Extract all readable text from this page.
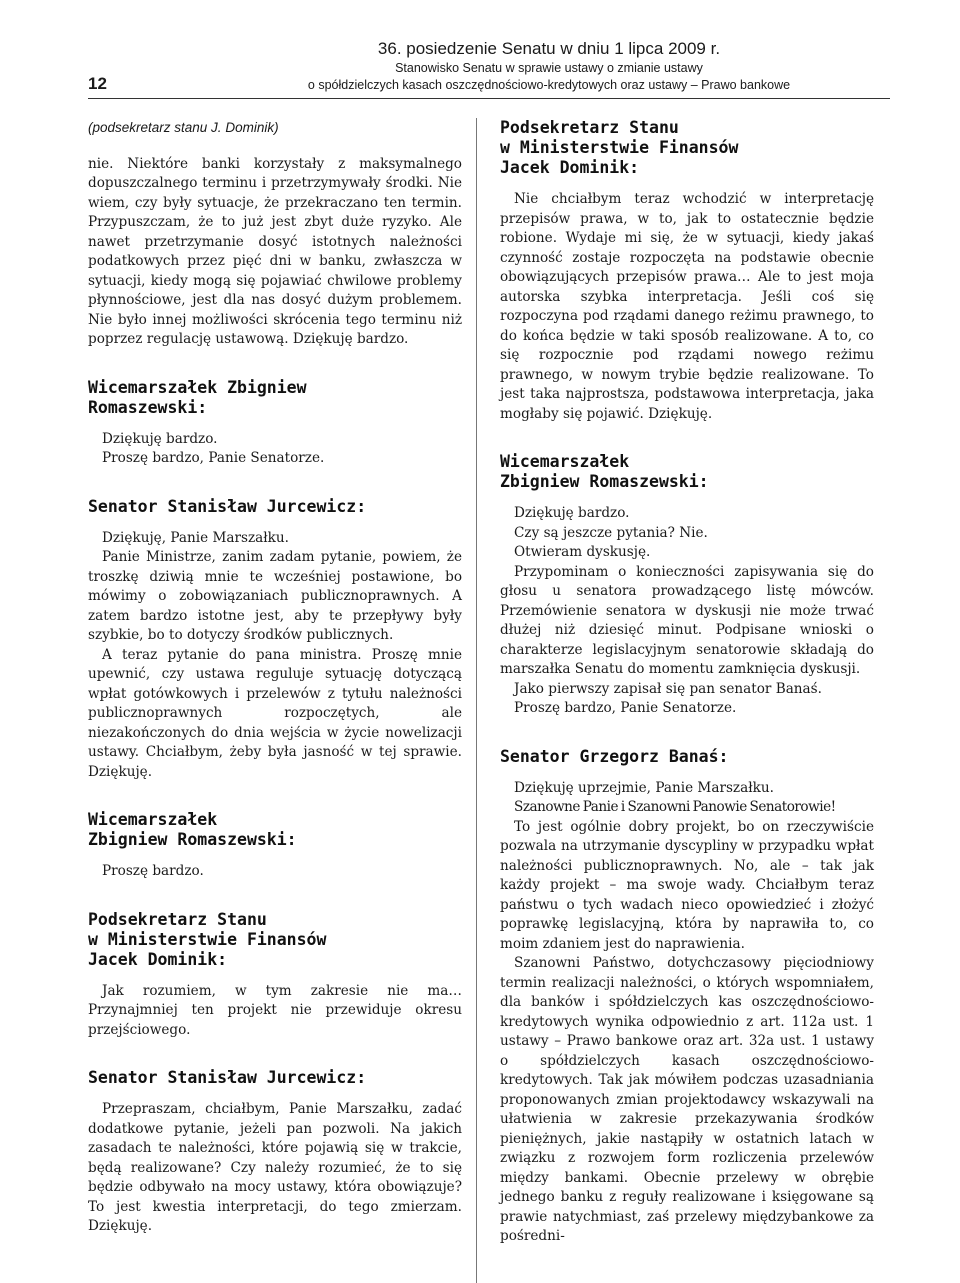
12
36. posiedzenie Senatu w dniu 1 lipca 2009 r.
Stanowisko Senatu w sprawie ustawy o zmianie ustawy
o spółdzielczych kasach oszczędnościowo-kredytowych oraz ustawy – Prawo bankowe

(podsekretarz stanu J. Dominik)

nie. Niektóre banki korzystały z maksymalnego dopuszczalnego terminu i przetrzymywały środki. Nie wiem, czy były sytuacje, że przekraczano ten termin. Przypuszczam, że to już jest zbyt duże ryzyko. Ale nawet przetrzymanie dosyć istotnych należności podatkowych przez pięć dni w banku, zwłaszcza w sytuacji, kiedy mogą się pojawiać chwilowe problemy płynnościowe, jest dla nas dosyć dużym problemem. Nie było innej możliwości skrócenia tego terminu niż poprzez regulację ustawową. Dziękuję bardzo.

Wicemarszałek Zbigniew
Romaszewski:

Dziękuję bardzo.

Proszę bardzo, Panie Senatorze.

Senator Stanisław Jurcewicz:

Dziękuję, Panie Marszałku.

Panie Ministrze, zanim zadam pytanie, powiem, że troszkę dziwią mnie te wcześniej postawione, bo mówimy o zobowiązaniach publicznoprawnych. A zatem bardzo istotne jest, aby te przepływy były szybkie, bo to dotyczy środków publicznych.

A teraz pytanie do pana ministra. Proszę mnie upewnić, czy ustawa reguluje sytuację dotyczącą wpłat gotówkowych i przelewów z tytułu należności publicznoprawnych rozpoczętych, ale niezakończonych do dnia wejścia w życie nowelizacji ustawy. Chciałbym, żeby była jasność w tej sprawie. Dziękuję.

Wicemarszałek
Zbigniew Romaszewski:

Proszę bardzo.

Podsekretarz Stanu
w Ministerstwie Finansów
Jacek Dominik:

Jak rozumiem, w tym zakresie nie ma… Przynajmniej ten projekt nie przewiduje okresu przejściowego.

Senator Stanisław Jurcewicz:

Przepraszam, chciałbym, Panie Marszałku, zadać dodatkowe pytanie, jeżeli pan pozwoli. Na jakich zasadach te należności, które pojawią się w trakcie, będą realizowane? Czy należy rozumieć, że to się będzie odbywało na mocy ustawy, która obowiązuje? To jest kwestia interpretacji, do tego zmierzam. Dziękuję.

Podsekretarz Stanu
w Ministerstwie Finansów
Jacek Dominik:

Nie chciałbym teraz wchodzić w interpretację przepisów prawa, w to, jak to ostatecznie będzie robione. Wydaje mi się, że w sytuacji, kiedy jakaś czynność zostaje rozpoczęta na podstawie obecnie obowiązujących przepisów prawa… Ale to jest moja autorska szybka interpretacja. Jeśli coś się rozpoczyna pod rządami danego reżimu prawnego, to do końca będzie w taki sposób realizowane. A to, co się rozpocznie pod rządami nowego reżimu prawnego, w nowym trybie będzie realizowane. To jest taka najprostsza, podstawowa interpretacja, jaka mogłaby się pojawić. Dziękuję.

Wicemarszałek
Zbigniew Romaszewski:

Dziękuję bardzo.

Czy są jeszcze pytania? Nie.

Otwieram dyskusję.

Przypominam o konieczności zapisywania się do głosu u senatora prowadzącego listę mówców. Przemówienie senatora w dyskusji nie może trwać dłużej niż dziesięć minut. Podpisane wnioski o charakterze legislacyjnym senatorowie składają do marszałka Senatu do momentu zamknięcia dyskusji.

Jako pierwszy zapisał się pan senator Banaś.

Proszę bardzo, Panie Senatorze.

Senator Grzegorz Banaś:

Dziękuję uprzejmie, Panie Marszałku.

Szanowne Panie i Szanowni Panowie Senatorowie!

To jest ogólnie dobry projekt, bo on rzeczywiście pozwala na utrzymanie dyscypliny w przypadku wpłat należności publicznoprawnych. No, ale – tak jak każdy projekt – ma swoje wady. Chciałbym teraz państwu o tych wadach nieco opowiedzieć i złożyć poprawkę legislacyjną, która by naprawiła to, co moim zdaniem jest do naprawienia.

Szanowni Państwo, dotychczasowy pięciodniowy termin realizacji należności, o których wspomniałem, dla banków i spółdzielczych kas oszczędnościowo-kredytowych wynika odpowiednio z art. 112a ust. 1 ustawy – Prawo bankowe oraz art. 32a ust. 1 ustawy o spółdzielczych kasach oszczędnościowo-kredytowych. Tak jak mówiłem podczas uzasadniania proponowanych zmian projektodawcy wskazywali na ułatwienia w zakresie przekazywania środków pieniężnych, jakie nastąpiły w ostatnich latach w związku z rozwojem form rozliczenia przelewów między bankami. Obecnie przelewy w obrębie jednego banku z reguły realizowane i księgowane są prawie natychmiast, zaś przelewy międzybankowe za pośredni-
